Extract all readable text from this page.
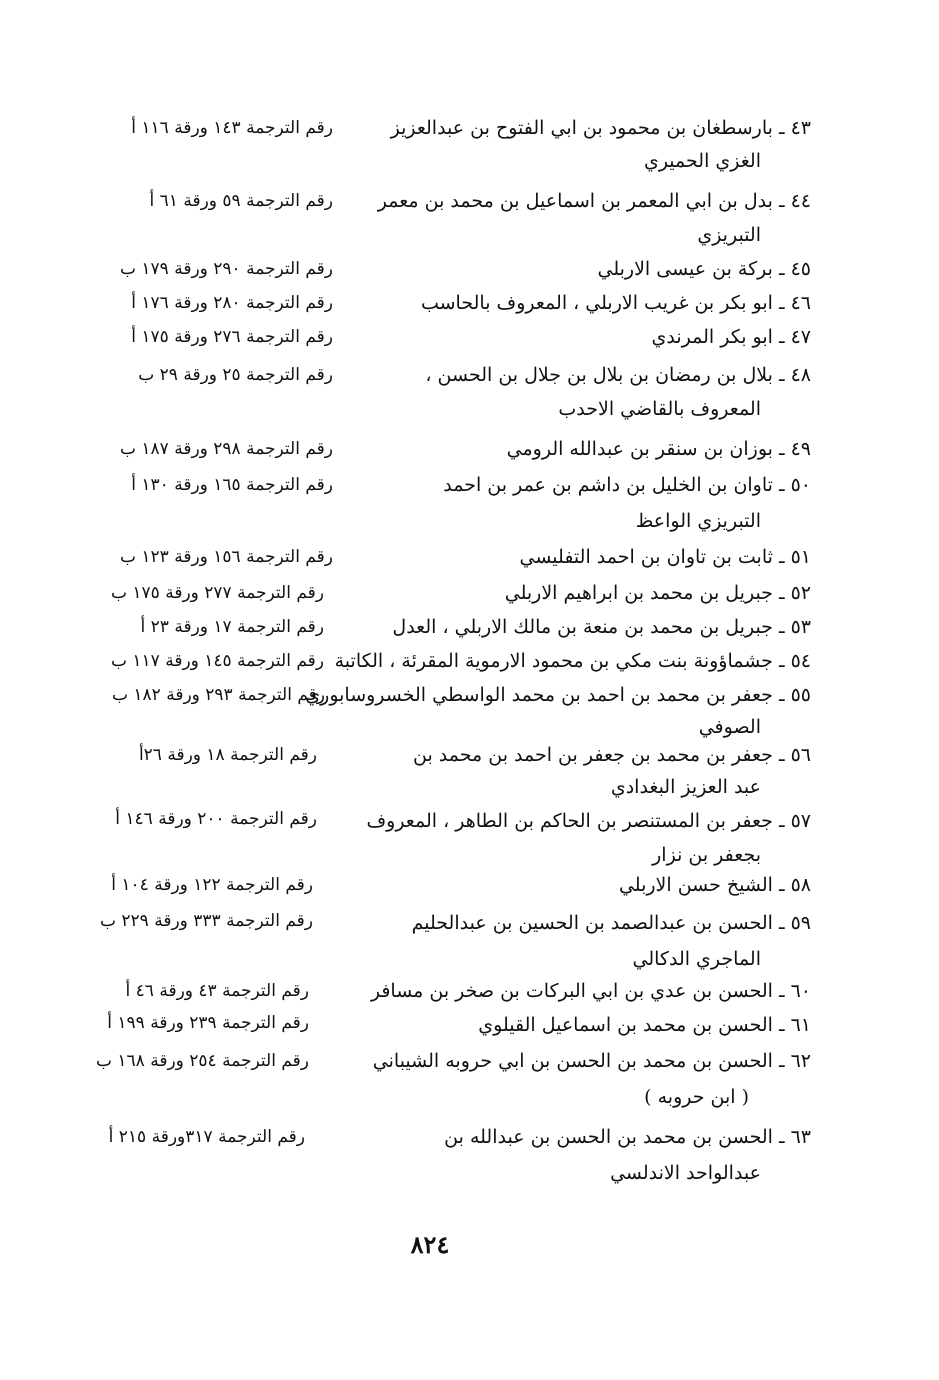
٤٣ ـ بارسطغان بن محمود بن ابي الفتوح بن عبدالعزيز
الغزي الحميري
رقم الترجمة ١٤٣ ورقة ١١٦ أ
٤٤ ـ بدل بن ابي المعمر بن اسماعيل بن محمد بن معمر
التبريزي
رقم الترجمة ٥٩ ورقة ٦١ أ
٤٥ ـ بركة بن عيسى الاربلي
رقم الترجمة ٢٩٠ ورقة ١٧٩ ب
٤٦ ـ ابو بكر بن غريب الاربلي ، المعروف بالحاسب
رقم الترجمة ٢٨٠ ورقة ١٧٦ أ
٤٧ ـ ابو بكر المرندي
رقم الترجمة ٢٧٦ ورقة ١٧٥ أ
٤٨ ـ بلال بن رمضان بن بلال بن جلال بن الحسن ،
المعروف بالقاضي الاحدب
رقم الترجمة ٢٥ ورقة ٢٩ ب
٤٩ ـ بوزان بن سنقر بن عبدالله الرومي
رقم الترجمة ٢٩٨ ورقة ١٨٧ ب
٥٠ ـ تاوان بن الخليل بن داشم بن عمر بن احمد
التبريزي الواعظ
رقم الترجمة ١٦٥ ورقة ١٣٠ أ
٥١ ـ ثابت بن تاوان بن احمد التفليسي
رقم الترجمة ١٥٦ ورقة ١٢٣ ب
٥٢ ـ جبريل بن محمد بن ابراهيم الاربلي
رقم الترجمة ٢٧٧ ورقة ١٧٥ ب
٥٣ ـ جبريل بن محمد بن منعة بن مالك الاربلي ، العدل
رقم الترجمة ١٧ ورقة ٢٣ أ
٥٤ ـ جشماؤونة بنت مكي بن محمود الارموية المقرئة ، الكاتبة
رقم الترجمة ١٤٥ ورقة ١١٧ ب
٥٥ ـ جعفر بن محمد بن احمد بن محمد الواسطي الخسروسابوري
الصوفي
رقم الترجمة ٢٩٣ ورقة ١٨٢ ب
٥٦ ـ جعفر بن محمد بن جعفر بن احمد بن محمد بن
عبد العزيز البغدادي
رقم الترجمة ١٨ ورقة ٢٦أ
٥٧ ـ جعفر بن المستنصر بن الحاكم بن الطاهر ، المعروف
بجعفر بن نزار
رقم الترجمة ٢٠٠ ورقة ١٤٦ أ
٥٨ ـ الشيخ حسن الاربلي
رقم الترجمة ١٢٢ ورقة ١٠٤ أ
٥٩ ـ الحسن بن عبدالصمد بن الحسين بن عبدالحليم
الماجري الدكالي
رقم الترجمة ٣٣٣ ورقة ٢٢٩ ب
٦٠ ـ الحسن بن عدي بن ابي البركات بن صخر بن مسافر
رقم الترجمة ٤٣ ورقة ٤٦ أ
٦١ ـ الحسن بن محمد بن اسماعيل القيلوي
رقم الترجمة ٢٣٩ ورقة ١٩٩ أ
٦٢ ـ الحسن بن محمد بن الحسن بن ابي حروبه الشيباني
( ابن حروبه )
رقم الترجمة ٢٥٤ ورقة ١٦٨ ب
٦٣ ـ الحسن بن محمد بن الحسن بن عبدالله بن
عبدالواحد الاندلسي
رقم الترجمة ٣١٧ورقة ٢١٥ أ
٨٢٤
